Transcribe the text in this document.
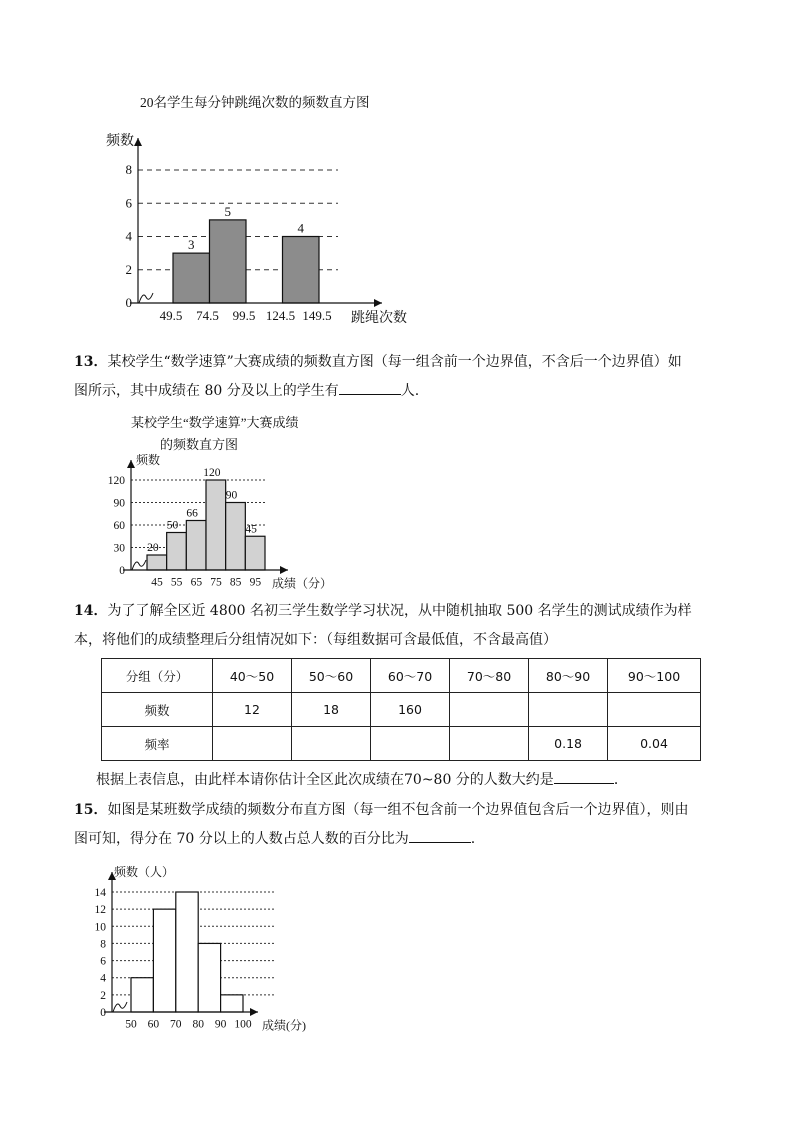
20名学生每分钟跳绳次数的频数直方图
3
5
4
0
2
4
6
8
49.5 74.5 99.5 124.5 149.5
频数
跳绳次数
13．某校学生“数学速算”大赛成绩的频数直方图（每一组含前一个边界值，不含后一个边界值）如
图所示，其中成绩在 80 分及以上的学生有	人.
某校学生“数学速算”大赛成绩
的频数直方图
20
50
66
120
90
45
0
30
60
90
120
45 55 65 75 85 95
频数
成绩（分）
14．为了了解全区近 4800 名初三学生数学学习状况，从中随机抽取 500 名学生的测试成绩作为样
本，将他们的成绩整理后分组情况如下：（每组数据可含最低值，不含最高值）
分组（分）	40～50	50～60	60～70	70～80	80～90	90～100
频数	12	18	160			
频率					0.18	0.04
根据上表信息，由此样本请你估计全区此次成绩在70~80 分的人数大约是	．
15．如图是某班数学成绩的频数分布直方图（每一组不包含前一个边界值包含后一个边界值），则由
图可知，得分在 70 分以上的人数占总人数的百分比为	.
0
2
4
6
8
10
12
14
50 60 70 80 90 100
频数（人）
成绩(分)
